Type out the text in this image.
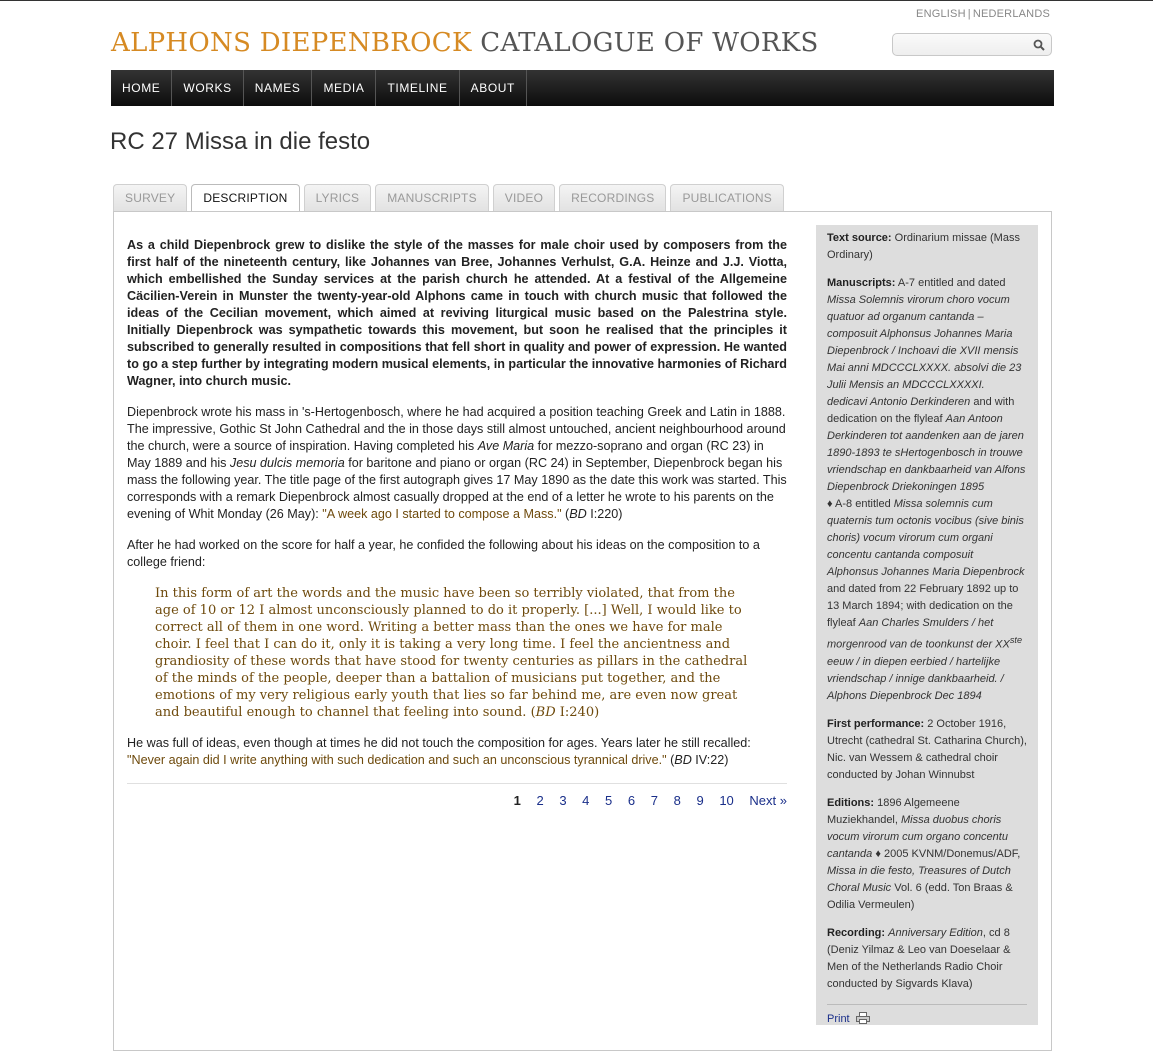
ENGLISH | NEDERLANDS
ALPHONS DIEPENBROCK CATALOGUE OF WORKS
HOME	WORKS	NAMES	MEDIA	TIMELINE	ABOUT
RC 27 Missa in die festo
SURVEY	DESCRIPTION	LYRICS	MANUSCRIPTS	VIDEO	RECORDINGS	PUBLICATIONS

As a child Diepenbrock grew to dislike the style of the masses for male choir used by composers from the first half of the nineteenth century, like Johannes van Bree, Johannes Verhulst, G.A. Heinze and J.J. Viotta, which embellished the Sunday services at the parish church he attended. At a festival of the Allgemeine Cäcilien-Verein in Munster the twenty-year-old Alphons came in touch with church music that followed the ideas of the Cecilian movement, which aimed at reviving liturgical music based on the Palestrina style. Initially Diepenbrock was sympathetic towards this movement, but soon he realised that the principles it subscribed to generally resulted in compositions that fell short in quality and power of expression. He wanted to go a step further by integrating modern musical elements, in particular the innovative harmonies of Richard Wagner, into church music.

Diepenbrock wrote his mass in 's-Hertogenbosch, where he had acquired a position teaching Greek and Latin in 1888. The impressive, Gothic St John Cathedral and the in those days still almost untouched, ancient neighbourhood around the church, were a source of inspiration. Having completed his Ave Maria for mezzo-soprano and organ (RC 23) in May 1889 and his Jesu dulcis memoria for baritone and piano or organ (RC 24) in September, Diepenbrock began his mass the following year. The title page of the first autograph gives 17 May 1890 as the date this work was started. This corresponds with a remark Diepenbrock almost casually dropped at the end of a letter he wrote to his parents on the evening of Whit Monday (26 May): "A week ago I started to compose a Mass." (BD I:220)

After he had worked on the score for half a year, he confided the following about his ideas on the composition to a college friend:

In this form of art the words and the music have been so terribly violated, that from the age of 10 or 12 I almost unconsciously planned to do it properly. [...] Well, I would like to correct all of them in one word. Writing a better mass than the ones we have for male choir. I feel that I can do it, only it is taking a very long time. I feel the ancientness and grandiosity of these words that have stood for twenty centuries as pillars in the cathedral of the minds of the people, deeper than a battalion of musicians put together, and the emotions of my very religious early youth that lies so far behind me, are even now great and beautiful enough to channel that feeling into sound. (BD I:240)

He was full of ideas, even though at times he did not touch the composition for ages. Years later he still recalled: "Never again did I write anything with such dedication and such an unconscious tyrannical drive." (BD IV:22)

1 2 3 4 5 6 7 8 9 10 Next »

Text source: Ordinarium missae (Mass Ordinary)

Manuscripts: A-7 entitled and dated Missa Solemnis virorum choro vocum quatuor ad organum cantanda – composuit Alphonsus Johannes Maria Diepenbrock / Inchoavi die XVII mensis Mai anni MDCCCLXXXX. absolvi die 23 Julii Mensis an MDCCCLXXXXI. dedicavi Antonio Derkinderen and with dedication on the flyleaf Aan Antoon Derkinderen tot aandenken aan de jaren 1890-1893 te sHertogenbosch in trouwe vriendschap en dankbaarheid van Alfons Diepenbrock Driekoningen 1895
♦ A-8 entitled Missa solemnis cum quaternis tum octonis vocibus (sive binis choris) vocum virorum cum organi concentu cantanda composuit Alphonsus Johannes Maria Diepenbrock and dated from 22 February 1892 up to 13 March 1894; with dedication on the flyleaf Aan Charles Smulders / het morgenrood van de toonkunst der XXste eeuw / in diepen eerbied / hartelijke vriendschap / innige dankbaarheid. / Alphons Diepenbrock Dec 1894

First performance: 2 October 1916, Utrecht (cathedral St. Catharina Church), Nic. van Wessem & cathedral choir conducted by Johan Winnubst

Editions: 1896 Algemeene Muziekhandel, Missa duobus choris vocum virorum cum organo concentu cantanda ♦ 2005 KVNM/Donemus/ADF, Missa in die festo, Treasures of Dutch Choral Music Vol. 6 (edd. Ton Braas & Odilia Vermeulen)

Recording: Anniversary Edition, cd 8 (Deniz Yilmaz & Leo van Doeselaar & Men of the Netherlands Radio Choir conducted by Sigvards Klava)

Print
